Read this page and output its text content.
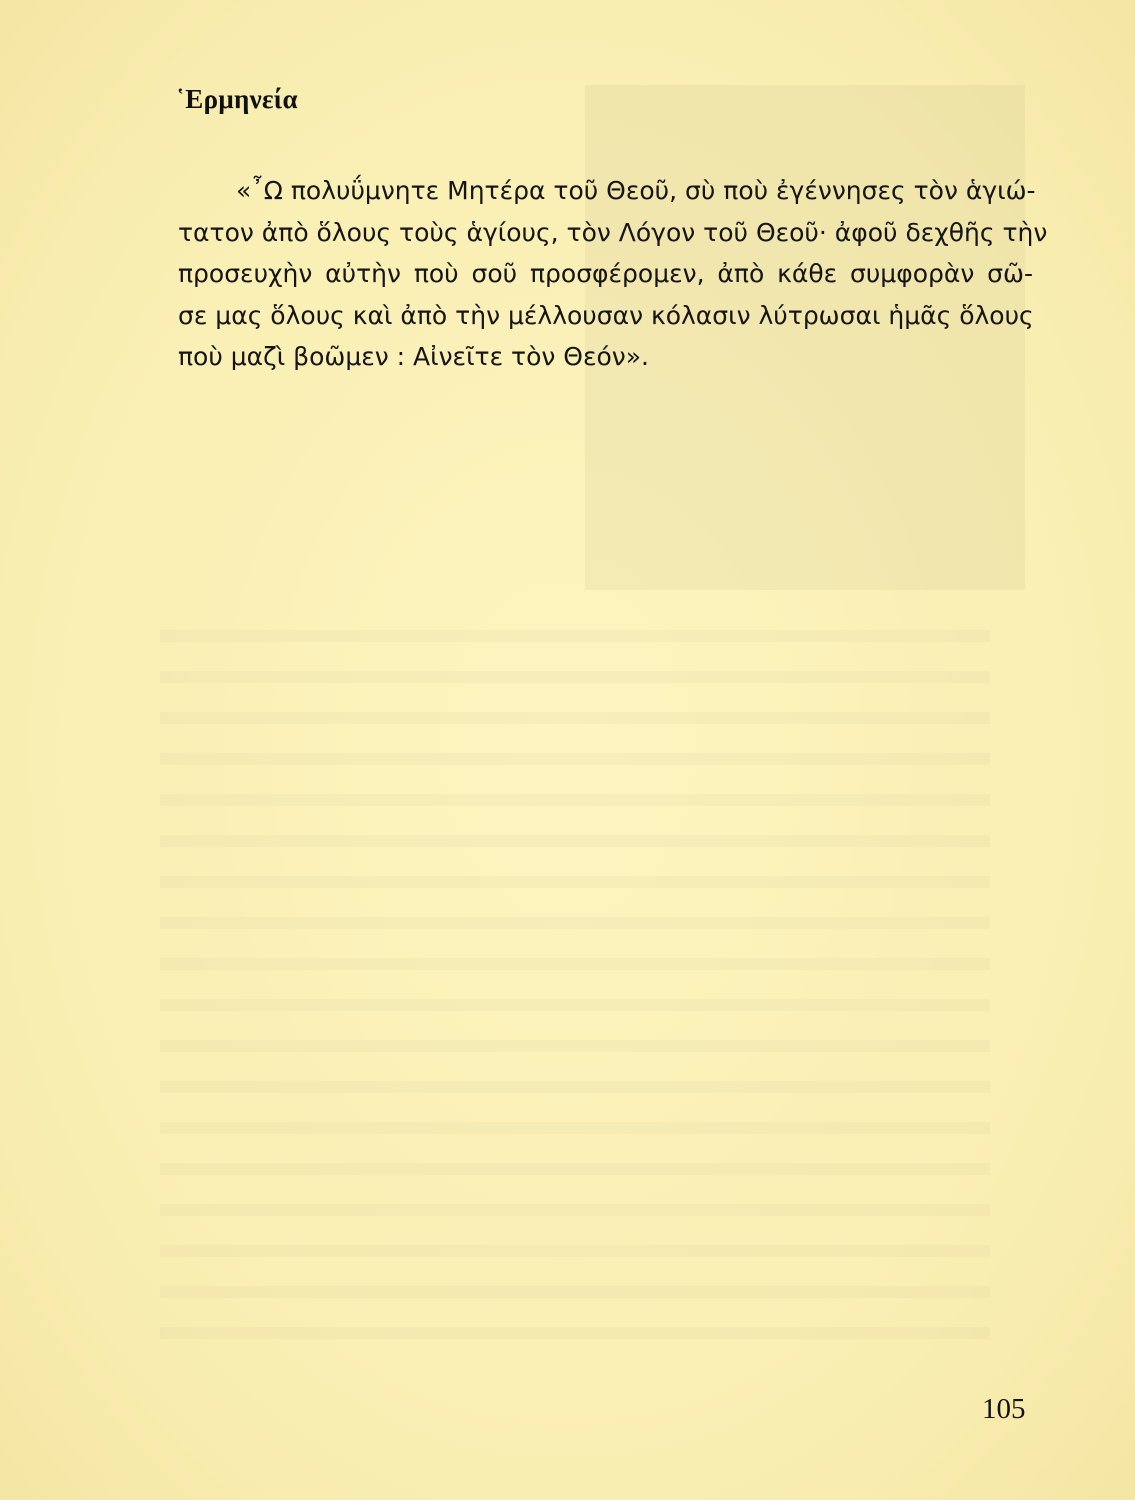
῾Ερμηνεία
«῏Ω πολυΰμνητε Μητέρα τοῦ Θεοῦ, σὺ ποὺ ἐγέννησες τὸν ἁγιώ-
τατον ἀπὸ ὅλους τοὺς ἁγίους, τὸν Λόγον τοῦ Θεοῦ· ἀφοῦ δεχθῆς τὴν
προσευχὴν αὐτὴν ποὺ σοῦ προσφέρομεν, ἀπὸ κάθε συμφορὰν σῶ-
σε μας ὅλους καὶ ἀπὸ τὴν μέλλουσαν κόλασιν λύτρωσαι ἡμᾶς ὅλους
ποὺ μαζὶ βοῶμεν : Αἰνεῖτε τὸν Θεόν».
105
